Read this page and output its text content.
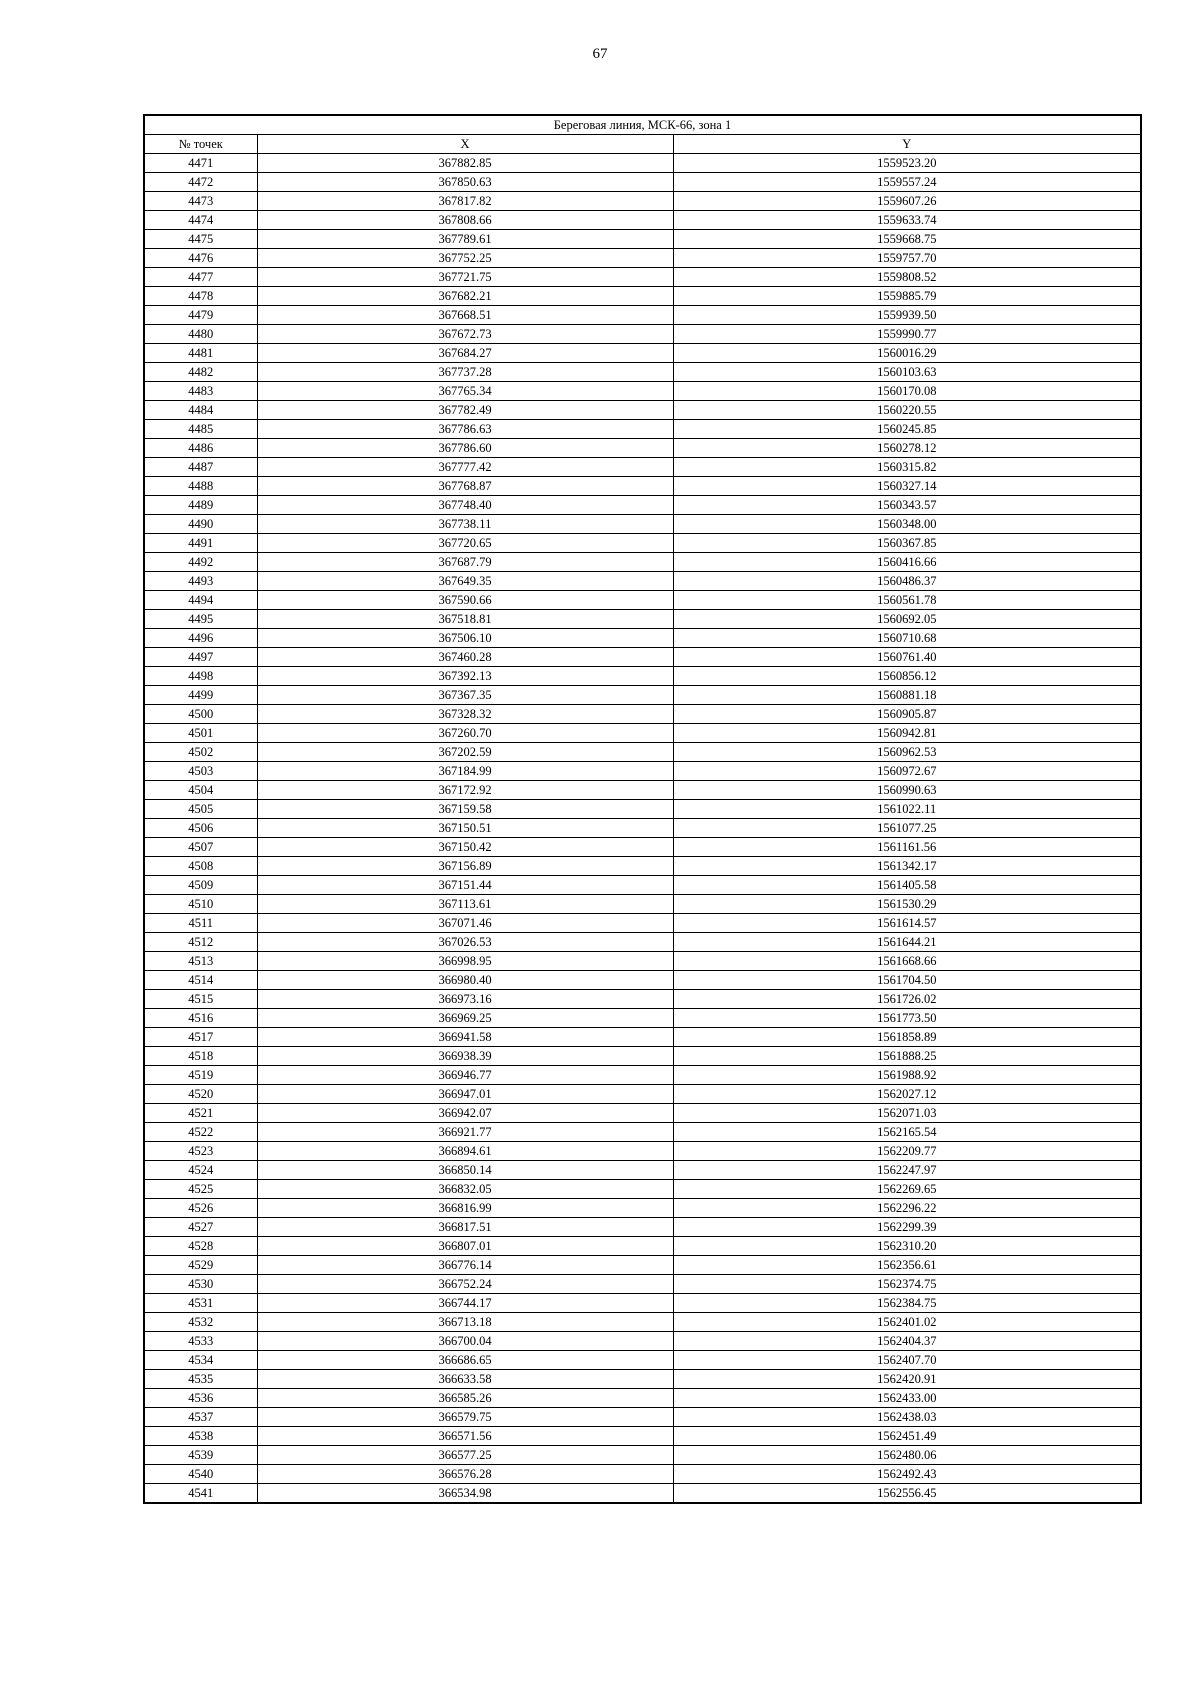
67
Береговая линия, МСК-66, зона 1		
№ точек	X	Y
4471	367882.85	1559523.20
4472	367850.63	1559557.24
4473	367817.82	1559607.26
4474	367808.66	1559633.74
4475	367789.61	1559668.75
4476	367752.25	1559757.70
4477	367721.75	1559808.52
4478	367682.21	1559885.79
4479	367668.51	1559939.50
4480	367672.73	1559990.77
4481	367684.27	1560016.29
4482	367737.28	1560103.63
4483	367765.34	1560170.08
4484	367782.49	1560220.55
4485	367786.63	1560245.85
4486	367786.60	1560278.12
4487	367777.42	1560315.82
4488	367768.87	1560327.14
4489	367748.40	1560343.57
4490	367738.11	1560348.00
4491	367720.65	1560367.85
4492	367687.79	1560416.66
4493	367649.35	1560486.37
4494	367590.66	1560561.78
4495	367518.81	1560692.05
4496	367506.10	1560710.68
4497	367460.28	1560761.40
4498	367392.13	1560856.12
4499	367367.35	1560881.18
4500	367328.32	1560905.87
4501	367260.70	1560942.81
4502	367202.59	1560962.53
4503	367184.99	1560972.67
4504	367172.92	1560990.63
4505	367159.58	1561022.11
4506	367150.51	1561077.25
4507	367150.42	1561161.56
4508	367156.89	1561342.17
4509	367151.44	1561405.58
4510	367113.61	1561530.29
4511	367071.46	1561614.57
4512	367026.53	1561644.21
4513	366998.95	1561668.66
4514	366980.40	1561704.50
4515	366973.16	1561726.02
4516	366969.25	1561773.50
4517	366941.58	1561858.89
4518	366938.39	1561888.25
4519	366946.77	1561988.92
4520	366947.01	1562027.12
4521	366942.07	1562071.03
4522	366921.77	1562165.54
4523	366894.61	1562209.77
4524	366850.14	1562247.97
4525	366832.05	1562269.65
4526	366816.99	1562296.22
4527	366817.51	1562299.39
4528	366807.01	1562310.20
4529	366776.14	1562356.61
4530	366752.24	1562374.75
4531	366744.17	1562384.75
4532	366713.18	1562401.02
4533	366700.04	1562404.37
4534	366686.65	1562407.70
4535	366633.58	1562420.91
4536	366585.26	1562433.00
4537	366579.75	1562438.03
4538	366571.56	1562451.49
4539	366577.25	1562480.06
4540	366576.28	1562492.43
4541	366534.98	1562556.45
